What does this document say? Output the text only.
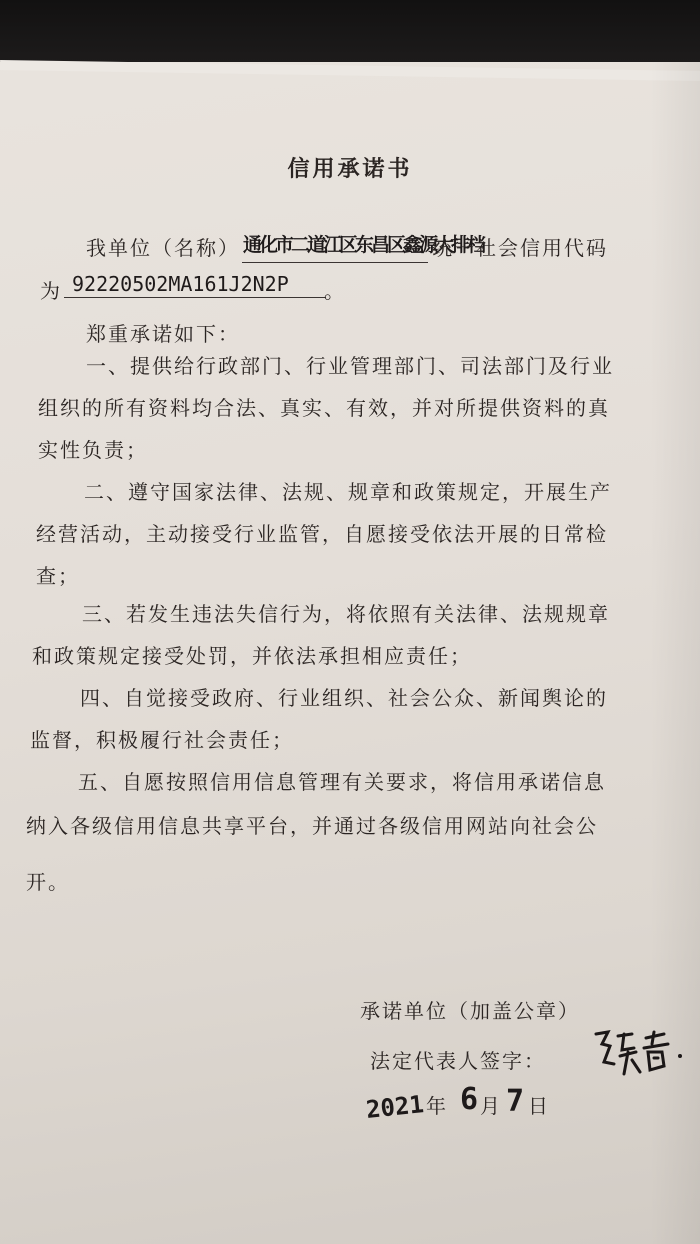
信用承诺书
我单位（名称） 通化市二道江区东昌区鑫源大排档
统一社会信用代码
为 92220502MA161J2N2P 。
郑重承诺如下：
一、提供给行政部门、行业管理部门、司法部门及行业
组织的所有资料均合法、真实、有效，并对所提供资料的真
实性负责；
二、遵守国家法律、法规、规章和政策规定，开展生产
经营活动，主动接受行业监管，自愿接受依法开展的日常检
查；
三、若发生违法失信行为，将依照有关法律、法规规章
和政策规定接受处罚，并依法承担相应责任；
四、自觉接受政府、行业组织、社会公众、新闻舆论的
监督，积极履行社会责任；
五、自愿按照信用信息管理有关要求，将信用承诺信息
纳入各级信用信息共享平台，并通过各级信用网站向社会公
开。
承诺单位（加盖公章）
法定代表人签字：
2021 年 6 月 7 日
